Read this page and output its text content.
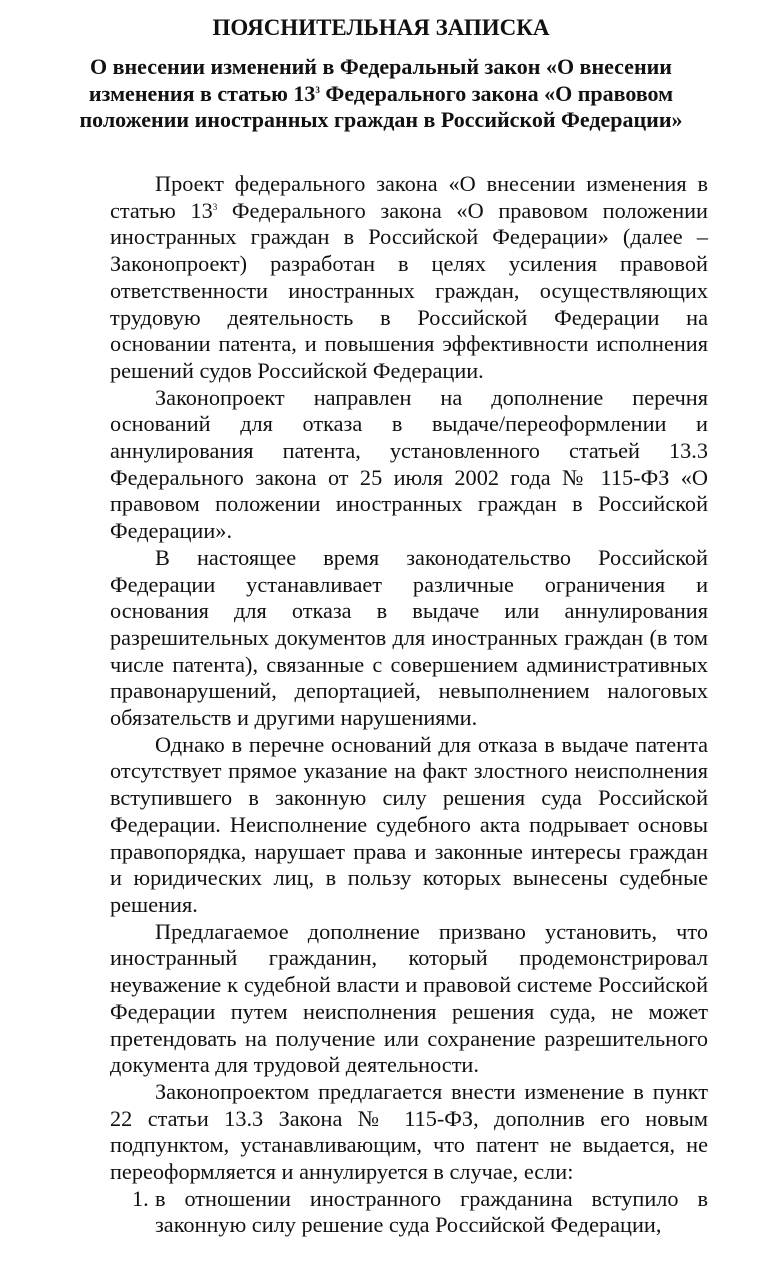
ПОЯСНИТЕЛЬНАЯ ЗАПИСКА
О внесении изменений в Федеральный закон «О внесении изменения в статью $13^3$ Федерального закона «О правовом положении иностранных граждан в Российской Федерации»

Проект федерального закона «О внесении изменения в статью $13^3$ Федерального закона «О правовом положении иностранных граждан в Российской Федерации» (далее – Законопроект) разработан в целях усиления правовой ответственности иностранных граждан, осуществляющих трудовую деятельность в Российской Федерации на основании патента, и повышения эффективности исполнения решений судов Российской Федерации.

Законопроект направлен на дополнение перечня оснований для отказа в выдаче/переоформлении и аннулирования патента, установленного статьей 13.3 Федерального закона от 25 июля 2002 года № 115-ФЗ «О правовом положении иностранных граждан в Российской Федерации».

В настоящее время законодательство Российской Федерации устанавливает различные ограничения и основания для отказа в выдаче или аннулирования разрешительных документов для иностранных граждан (в том числе патента), связанные с совершением административных правонарушений, депортацией, невыполнением налоговых обязательств и другими нарушениями.

Однако в перечне оснований для отказа в выдаче патента отсутствует прямое указание на факт злостного неисполнения вступившего в законную силу решения суда Российской Федерации. Неисполнение судебного акта подрывает основы правопорядка, нарушает права и законные интересы граждан и юридических лиц, в пользу которых вынесены судебные решения.

Предлагаемое дополнение призвано установить, что иностранный гражданин, который продемонстрировал неуважение к судебной власти и правовой системе Российской Федерации путем неисполнения решения суда, не может претендовать на получение или сохранение разрешительного документа для трудовой деятельности.

Законопроектом предлагается внести изменение в пункт 22 статьи 13.3 Закона № 115-ФЗ, дополнив его новым подпунктом, устанавливающим, что патент не выдается, не переоформляется и аннулируется в случае, если:

1. в отношении иностранного гражданина вступило в законную силу решение суда Российской Федерации,
